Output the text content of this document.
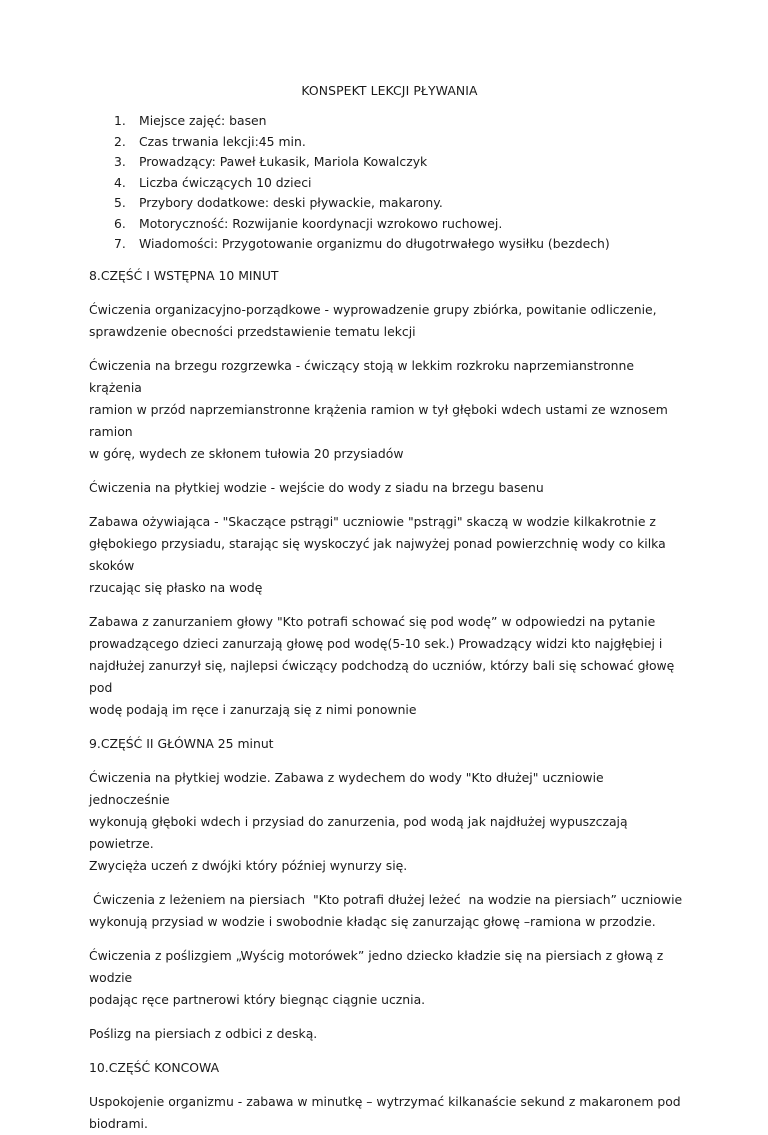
KONSPEKT LEKCJI PŁYWANIA
1. Miejsce zajęć: basen
2. Czas trwania lekcji:45 min.
3. Prowadzący: Paweł Łukasik, Mariola Kowalczyk
4. Liczba ćwiczących 10 dzieci
5. Przybory dodatkowe: deski pływackie, makarony.
6. Motoryczność: Rozwijanie koordynacji wzrokowo ruchowej.
7. Wiadomości: Przygotowanie organizmu do długotrwałego wysiłku (bezdech)

8.CZĘŚĆ I WSTĘPNA 10 MINUT

Ćwiczenia organizacyjno-porządkowe - wyprowadzenie grupy zbiórka, powitanie odliczenie,
sprawdzenie obecności przedstawienie tematu lekcji

Ćwiczenia na brzegu rozgrzewka - ćwiczący stoją w lekkim rozkroku naprzemianstronne krążenia
ramion w przód naprzemianstronne krążenia ramion w tył głęboki wdech ustami ze wznosem ramion
w górę, wydech ze skłonem tułowia 20 przysiadów

Ćwiczenia na płytkiej wodzie - wejście do wody z siadu na brzegu basenu

Zabawa ożywiająca - "Skaczące pstrągi" uczniowie "pstrągi" skaczą w wodzie kilkakrotnie z
głębokiego przysiadu, starając się wyskoczyć jak najwyżej ponad powierzchnię wody co kilka skoków
rzucając się płasko na wodę

Zabawa z zanurzaniem głowy "Kto potrafi schować się pod wodę” w odpowiedzi na pytanie
prowadzącego dzieci zanurzają głowę pod wodę(5-10 sek.) Prowadzący widzi kto najgłębiej i
najdłużej zanurzył się, najlepsi ćwiczący podchodzą do uczniów, którzy bali się schować głowę pod
wodę podają im ręce i zanurzają się z nimi ponownie

9.CZĘŚĆ II GŁÓWNA 25 minut

Ćwiczenia na płytkiej wodzie. Zabawa z wydechem do wody "Kto dłużej" uczniowie jednocześnie
wykonują głęboki wdech i przysiad do zanurzenia, pod wodą jak najdłużej wypuszczają powietrze.
Zwycięża uczeń z dwójki który później wynurzy się.

Ćwiczenia z leżeniem na piersiach  "Kto potrafi dłużej leżeć  na wodzie na piersiach” uczniowie
wykonują przysiad w wodzie i swobodnie kładąc się zanurzając głowę –ramiona w przodzie.

Ćwiczenia z poślizgiem „Wyścig motorówek” jedno dziecko kładzie się na piersiach z głową z wodzie
podając ręce partnerowi który biegnąc ciągnie ucznia.

Poślizg na piersiach z odbici z deską.

10.CZĘŚĆ KONCOWA

Uspokojenie organizmu - zabawa w minutkę – wytrzymać kilkanaście sekund z makaronem pod
biodrami.
